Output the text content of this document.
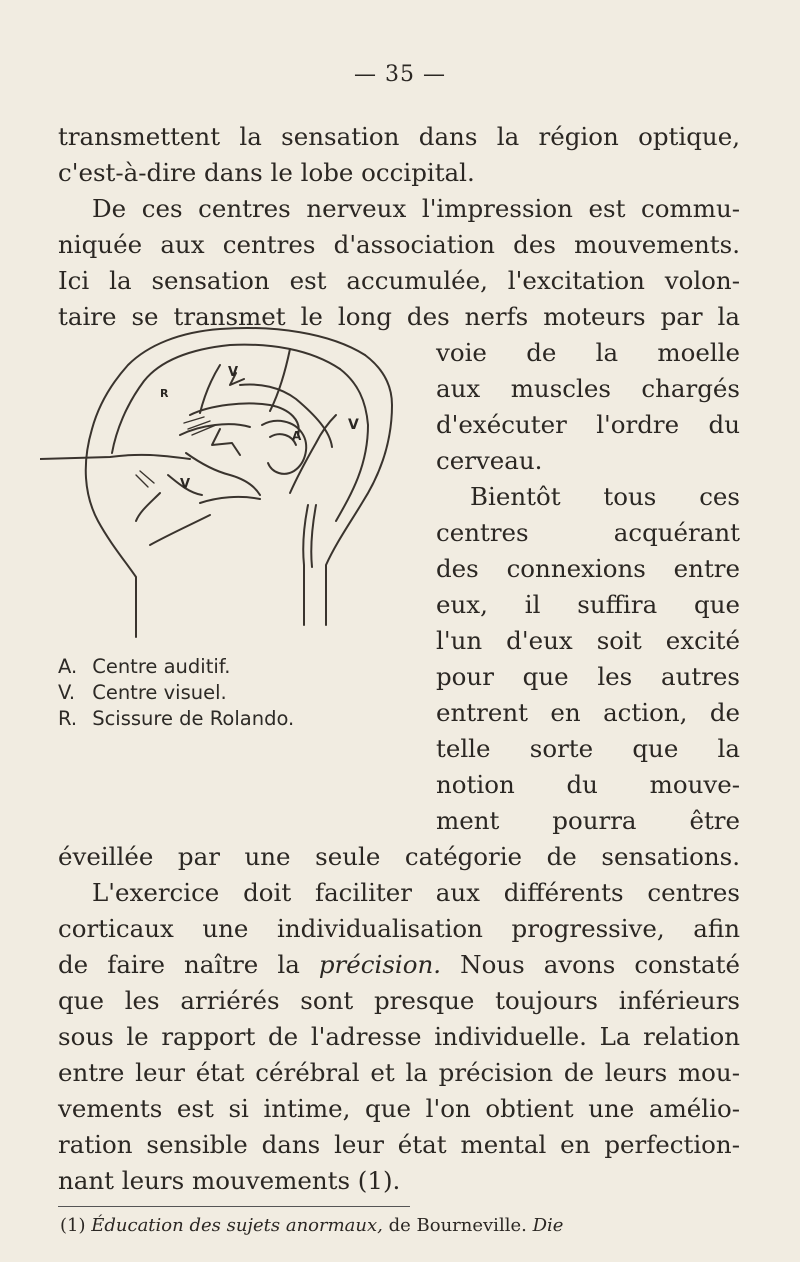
— 35 —
transmettent la sensation dans la région optique,
c'est-à-dire dans le lobe occipital.
De ces centres nerveux l'impression est commu-
niquée aux centres d'association des mouvements.
Ici la sensation est accumulée, l'excitation volon-
taire se transmet le long des nerfs moteurs par la
voie de la moelle
aux muscles chargés
d'exécuter l'ordre du
cerveau.
Bientôt tous ces
centres acquérant
des connexions entre
eux, il suffira que
l'un d'eux soit excité
pour que les autres
entrent en action, de
telle sorte que la
notion du mouve-
ment pourra être
V
V
V
R
A
A. Centre auditif.
V. Centre visuel.
R. Scissure de Rolando.
éveillée par une seule catégorie de sensations.
L'exercice doit faciliter aux différents centres
corticaux une individualisation progressive, afin
de faire naître la précision. Nous avons constaté
que les arriérés sont presque toujours inférieurs
sous le rapport de l'adresse individuelle. La relation
entre leur état cérébral et la précision de leurs mou-
vements est si intime, que l'on obtient une amélio-
ration sensible dans leur état mental en perfection-
nant leurs mouvements (1).
(1) Éducation des sujets anormaux, de Bourneville. Die
